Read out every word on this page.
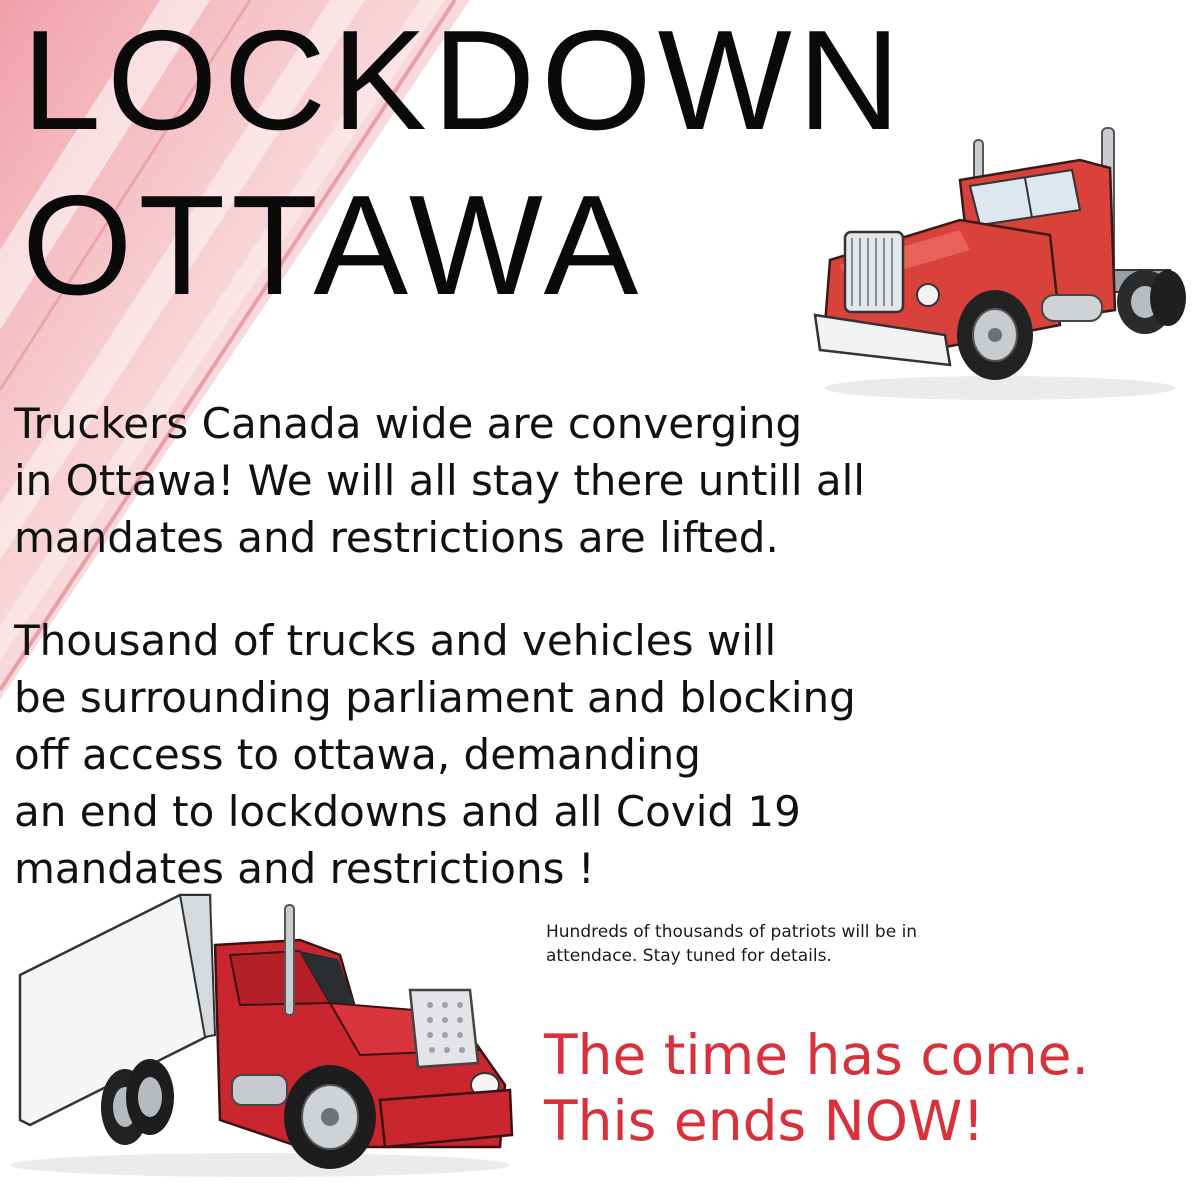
LOCKDOWN
OTTAWA

Truckers Canada wide are converging
in Ottawa! We will all stay there untill all
mandates and restrictions are lifted.

Thousand of trucks and vehicles will
be surrounding parliament and blocking
off access to ottawa, demanding
an end to lockdowns and all Covid 19
mandates and restrictions !

Hundreds of thousands of patriots will be in
attendace. Stay tuned for details.

The time has come.
This ends NOW!
